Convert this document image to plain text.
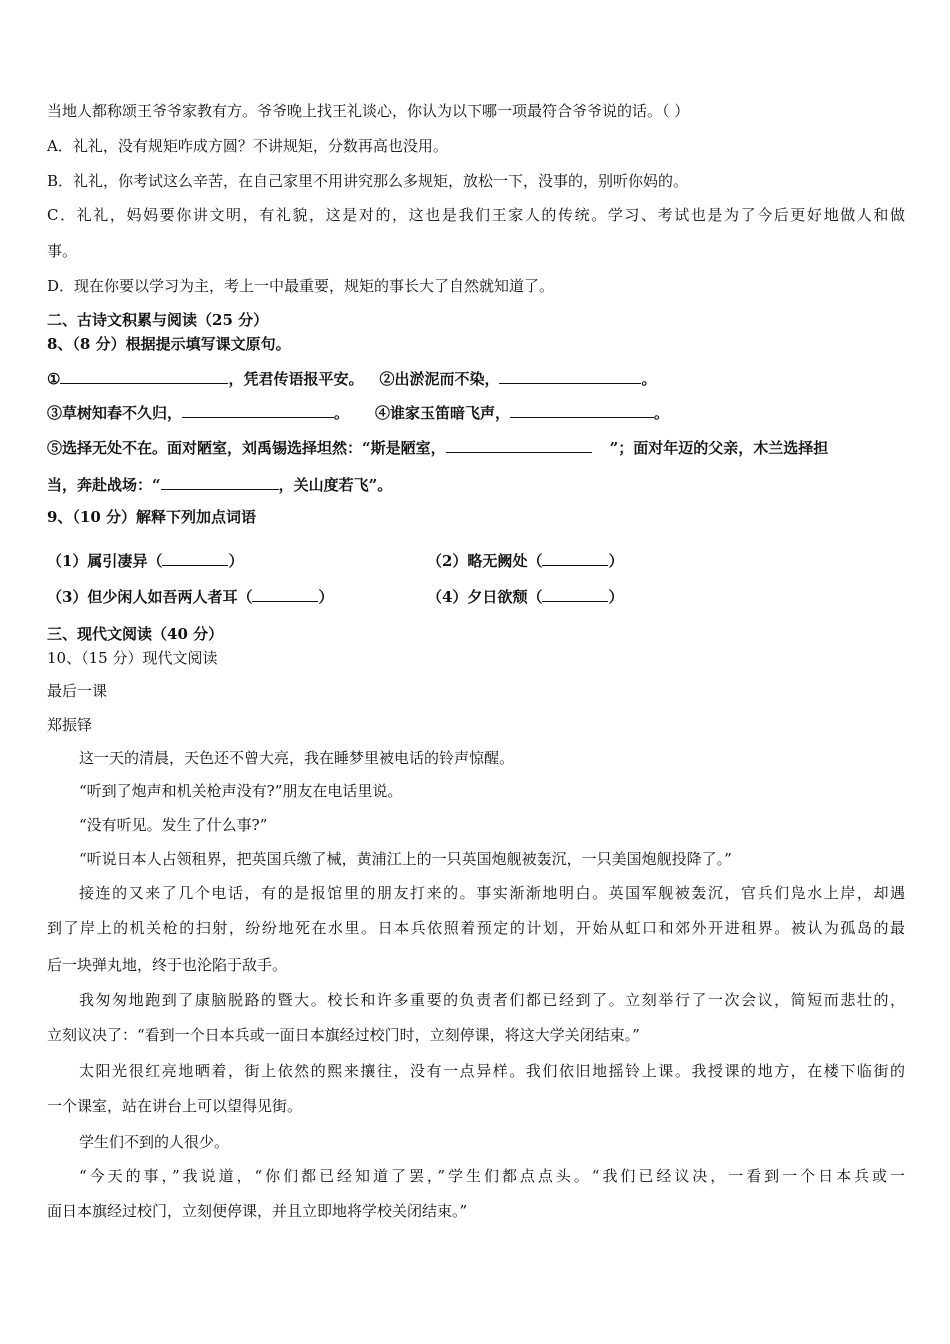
当地人都称颂王爷爷家教有方。爷爷晚上找王礼谈心，你认为以下哪一项最符合爷爷说的话。（ ）
A．礼礼，没有规矩咋成方圆？不讲规矩，分数再高也没用。
B．礼礼，你考试这么辛苦，在自己家里不用讲究那么多规矩，放松一下，没事的，别听你妈的。
C．礼礼，妈妈要你讲文明，有礼貌，这是对的，这也是我们王家人的传统。学习、考试也是为了今后更好地做人和做
事。
D．现在你要以学习为主，考上一中最重要，规矩的事长大了自然就知道了。
二、古诗文积累与阅读（25 分）
8、（8 分）根据提示填写课文原句。
①	，凭君传语报平安。 ②出淤泥而不染，	。
③草树知春不久归，	。 ④谁家玉笛暗飞声，	。
⑤选择无处不在。面对陋室，刘禹锡选择坦然：“斯是陋室，	”；面对年迈的父亲，木兰选择担
当，奔赴战场：“	，关山度若飞”。
9、（10 分）解释下列加点词语
（1）属引凄异（	）	（2）略无阙处（	）
（3）但少闲人如吾两人者耳（	）	（4）夕日欲颓（	）
三、现代文阅读（40 分）
10、（15 分）现代文阅读
最后一课
郑振铎
这一天的清晨，天色还不曾大亮，我在睡梦里被电话的铃声惊醒。
“听到了炮声和机关枪声没有?”朋友在电话里说。
“没有听见。发生了什么事?”
“听说日本人占领租界，把英国兵缴了械，黄浦江上的一只英国炮舰被轰沉，一只美国炮舰投降了。”
接连的又来了几个电话，有的是报馆里的朋友打来的。事实渐渐地明白。英国军舰被轰沉，官兵们凫水上岸，却遇
到了岸上的机关枪的扫射，纷纷地死在水里。日本兵依照着预定的计划，开始从虹口和郊外开进租界。被认为孤岛的最
后一块弹丸地，终于也沦陷于敌手。
我匆匆地跑到了康脑脱路的暨大。校长和许多重要的负责者们都已经到了。立刻举行了一次会议，简短而悲壮的，
立刻议决了：“看到一个日本兵或一面日本旗经过校门时，立刻停课，将这大学关闭结束。”
太阳光很红亮地晒着，街上依然的熙来攘往，没有一点异样。我们依旧地摇铃上课。我授课的地方，在楼下临街的
一个课室，站在讲台上可以望得见街。
学生们不到的人很少。
“今天的事，”我说道，“你们都已经知道了罢，”学生们都点点头。“我们已经议决，一看到一个日本兵或一
面日本旗经过校门，立刻便停课，并且立即地将学校关闭结束。”
